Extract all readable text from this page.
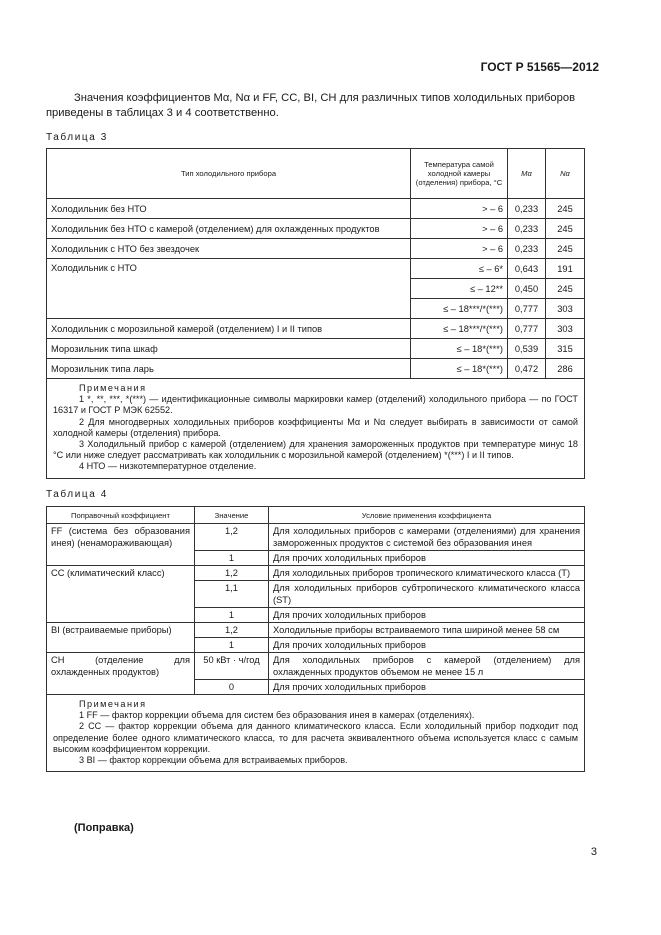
ГОСТ Р 51565—2012

Значения коэффициентов Mα, Nα и FF, CC, BI, CH для различных типов холодильных приборов приведены в таблицах 3 и 4 соответственно.

Таблица 3
Тип холодильного прибора	Температура самой холодной камеры (отделения) прибора, °С	Mα	Nα
Холодильник без НТО	> – 6	0,233	245
Холодильник без НТО с камерой (отделением) для охлажденных продуктов	> – 6	0,233	245
Холодильник с НТО без звездочек	> – 6	0,233	245
Холодильник с НТО	≤ – 6*	0,643	191
	≤ – 12**	0,450	245
	≤ – 18***/*(***)	0,777	303
Холодильник с морозильной камерой (отделением) I и II типов	≤ – 18***/*(***)	0,777	303
Морозильник типа шкаф	≤ – 18*(***)	0,539	315
Морозильник типа ларь	≤ – 18*(***)	0,472	286

Примечания

1 *, **, ***, *(***) — идентификационные символы маркировки камер (отделений) холодильного прибора — по ГОСТ 16317 и ГОСТ Р МЭК 62552.

2 Для многодверных холодильных приборов коэффициенты Mα и Nα следует выбирать в зависимости от самой холодной камеры (отделения) прибора.

3 Холодильный прибор с камерой (отделением) для хранения замороженных продуктов при температуре минус 18 °С или ниже следует рассматривать как холодильник с морозильной камерой (отделением) *(***) I и II типов.

4 НТО — низкотемпературное отделение.			

Таблица 4
Поправочный коэффициент	Значение	Условие применения коэффициента
FF (система без образования инея) (ненамораживающая)	1,2	Для холодильных приборов с камерами (отделениями) для хранения замороженных продуктов с системой без образования инея
	1	Для прочих холодильных приборов
CC (климатический класс)	1,2	Для холодильных приборов тропического климатического класса (Т)
	1,1	Для холодильных приборов субтропического климатического класса (ST)
	1	Для прочих холодильных приборов
BI (встраиваемые приборы)	1,2	Холодильные приборы встраиваемого типа шириной менее 58 см
	1	Для прочих холодильных приборов
CH (отделение для охлажденных продуктов)	50 кВт · ч/год	Для холодильных приборов с камерой (отделением) для охлажденных продуктов объемом не менее 15 л
	0	Для прочих холодильных приборов

Примечания

1 FF — фактор коррекции объема для систем без образования инея в камерах (отделениях).

2 CC — фактор коррекции объема для данного климатического класса. Если холодильный прибор подходит под определение более одного климатического класса, то для расчета эквивалентного объема используется класс с самым высоким коэффициентом коррекции.

3 BI — фактор коррекции объема для встраиваемых приборов.		

(Поправка)
3
